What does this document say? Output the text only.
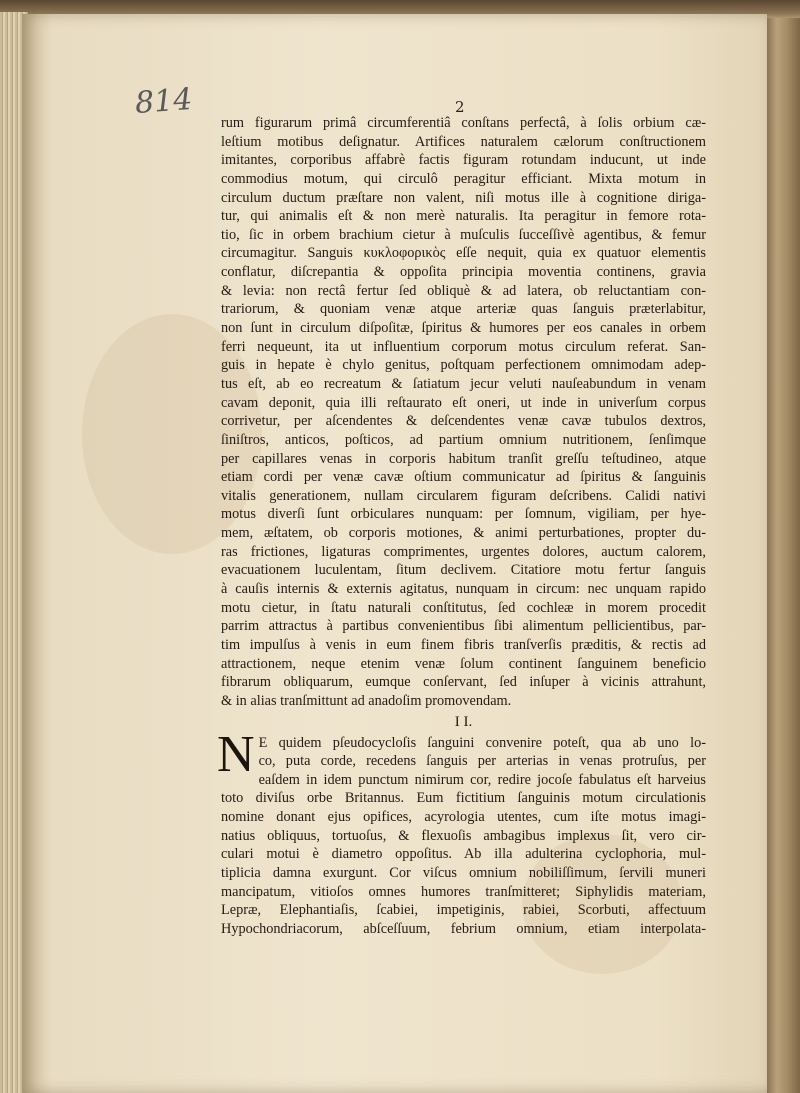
814	2
rum figurarum primâ circumferentiâ conſtans perfectâ, à ſolis orbium cæ-
leſtium motibus deſignatur. Artifices naturalem cælorum conſtructionem
imitantes, corporibus affabrè factis figuram rotundam inducunt, ut inde
commodius motum, qui circulô peragitur efficiant. Mixta motum in
circulum ductum præſtare non valent, niſi motus ille à cognitione diriga-
tur, qui animalis eſt & non merè naturalis. Ita peragitur in femore rota-
tio, ſic in orbem brachium cietur à muſculis ſucceſſivè agentibus, & femur
circumagitur. Sanguis κυκλοφορικὸς eſſe nequit, quia ex quatuor elementis
conflatur, diſcrepantia & oppoſita principia moventia continens, gravia
& levia: non rectâ fertur ſed obliquè & ad latera, ob reluctantiam con-
trariorum, & quoniam venæ atque arteriæ quas ſanguis præterlabitur,
non ſunt in circulum diſpoſitæ, ſpiritus & humores per eos canales in orbem
ferri nequeunt, ita ut influentium corporum motus circulum referat. San-
guis in hepate è chylo genitus, poſtquam perfectionem omnimodam adep-
tus eſt, ab eo recreatum & ſatiatum jecur veluti nauſeabundum in venam
cavam deponit, quia illi reſtaurato eſt oneri, ut inde in univerſum corpus
corrivetur, per aſcendentes & deſcendentes venæ cavæ tubulos dextros,
ſiniſtros, anticos, poſticos, ad partium omnium nutritionem, ſenſimque
per capillares venas in corporis habitum tranſit greſſu teſtudineo, atque
etiam cordi per venæ cavæ oſtium communicatur ad ſpiritus & ſanguinis
vitalis generationem, nullam circularem figuram deſcribens. Calidi nativi
motus diverſi ſunt orbiculares nunquam: per ſomnum, vigiliam, per hye-
mem, æſtatem, ob corporis motiones, & animi perturbationes, propter du-
ras frictiones, ligaturas comprimentes, urgentes dolores, auctum calorem,
evacuationem luculentam, ſitum declivem. Citatiore motu fertur ſanguis
à cauſis internis & externis agitatus, nunquam in circum: nec unquam rapido
motu cietur, in ſtatu naturali conſtitutus, ſed cochleæ in morem procedit
parrim attractus à partibus convenientibus ſibi alimentum pellicientibus, par-
tim impulſus à venis in eum finem fibris tranſverſis præditis, & rectis ad
attractionem, neque etenim venæ ſolum continent ſanguinem beneficio
fibrarum obliquarum, eumque conſervant, ſed inſuper à vicinis attrahunt,
& in alias tranſmittunt ad anadoſim promovendam.
I I.
N E quidem pſeudocycloſis ſanguini convenire poteſt, qua ab uno lo-
co, puta corde, recedens ſanguis per arterias in venas protruſus, per
eaſdem in idem punctum nimirum cor, redire jocoſe fabulatus eſt harveius
toto diviſus orbe Britannus. Eum fictitium ſanguinis motum circulationis
nomine donant ejus opifices, acyrologia utentes, cum iſte motus imagi-
natius obliquus, tortuoſus, & flexuoſis ambagibus implexus ſit, vero cir-
culari motui è diametro oppoſitus. Ab illa adulterina cyclophoria, mul-
tiplicia damna exurgunt. Cor viſcus omnium nobiliſſimum, ſervili muneri
mancipatum, vitioſos omnes humores tranſmitteret; Siphylidis materiam,
Lepræ, Elephantiaſis, ſcabiei, impetiginis, rabiei, Scorbuti, affectuum
Hypochondriacorum, abſceſſuum, febrium omnium, etiam interpolata-
